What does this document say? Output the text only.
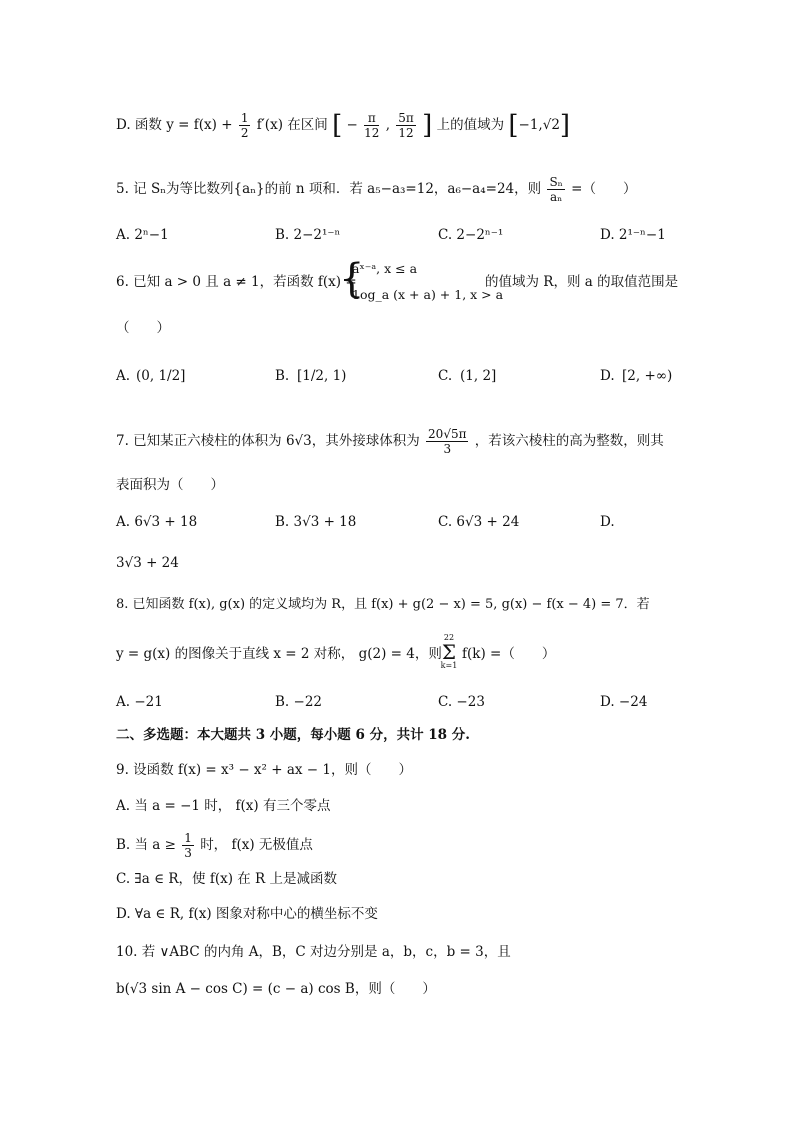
D. 函数 $y = f(x) + \frac{1}{2} f'(x)$ 在区间 [ − $\frac{\pi}{12}$ , $\frac{5\pi}{12}$ ] 上的值域为 [−1,√2]
5. 记 Sₙ为等比数列{aₙ}的前 n 项和．若 a₅−a₃=12，a₆−a₄=24，则 $\frac{\text{Sₙ}}{\text{aₙ}}$ =（　　）
A. 2ⁿ−1	B. 2−2¹⁻ⁿ	C. 2−2ⁿ⁻¹	D. 2¹⁻ⁿ−1
6. 已知 a > 0 且 a ≠ 1，若函数 f(x) =
{
aˣ⁻ᵃ, x ≤ a
1og_a (x + a) + 1, x > a
的值域为 R，则 a 的取值范围是
（　　）
A. (0, 1/2]	B. [1/2, 1)	C. (1, 2]	D. [2, +∞)
7. 已知某正六棱柱的体积为 6√3，其外接球体积为 $\frac{20√5\pi}{3}$ ，若该六棱柱的高为整数，则其
表面积为（　　）
A. 6√3 + 18	B. 3√3 + 18	C. 6√3 + 24	D.
3√3 + 24
8. 已知函数 f(x), g(x) 的定义域均为 R，且 f(x) + g(2 − x) = 5, g(x) − f(x − 4) = 7．若
y = g(x) 的图像关于直线 x = 2 对称， g(2) = 4，则
22
Σ
k=1
f(k) =（　　）
A. −21	B. −22	C. −23	D. −24
二、多选题：本大题共 3 小题，每小题 6 分，共计 18 分.
9. 设函数 f(x) = x³ − x² + ax − 1，则（　　）
A. 当 a = −1 时， f(x) 有三个零点
B. 当 $a \ge \frac{1}{3}$ 时， f(x) 无极值点
C. ∃a ∈ R，使 f(x) 在 R 上是减函数
D. ∀a ∈ R, f(x) 图象对称中心的横坐标不变
10. 若 ∨ABC 的内角 A，B，C 对边分别是 a，b，c，b = 3，且
b(√3 sin A − cos C) = (c − a) cos B，则（　　）
